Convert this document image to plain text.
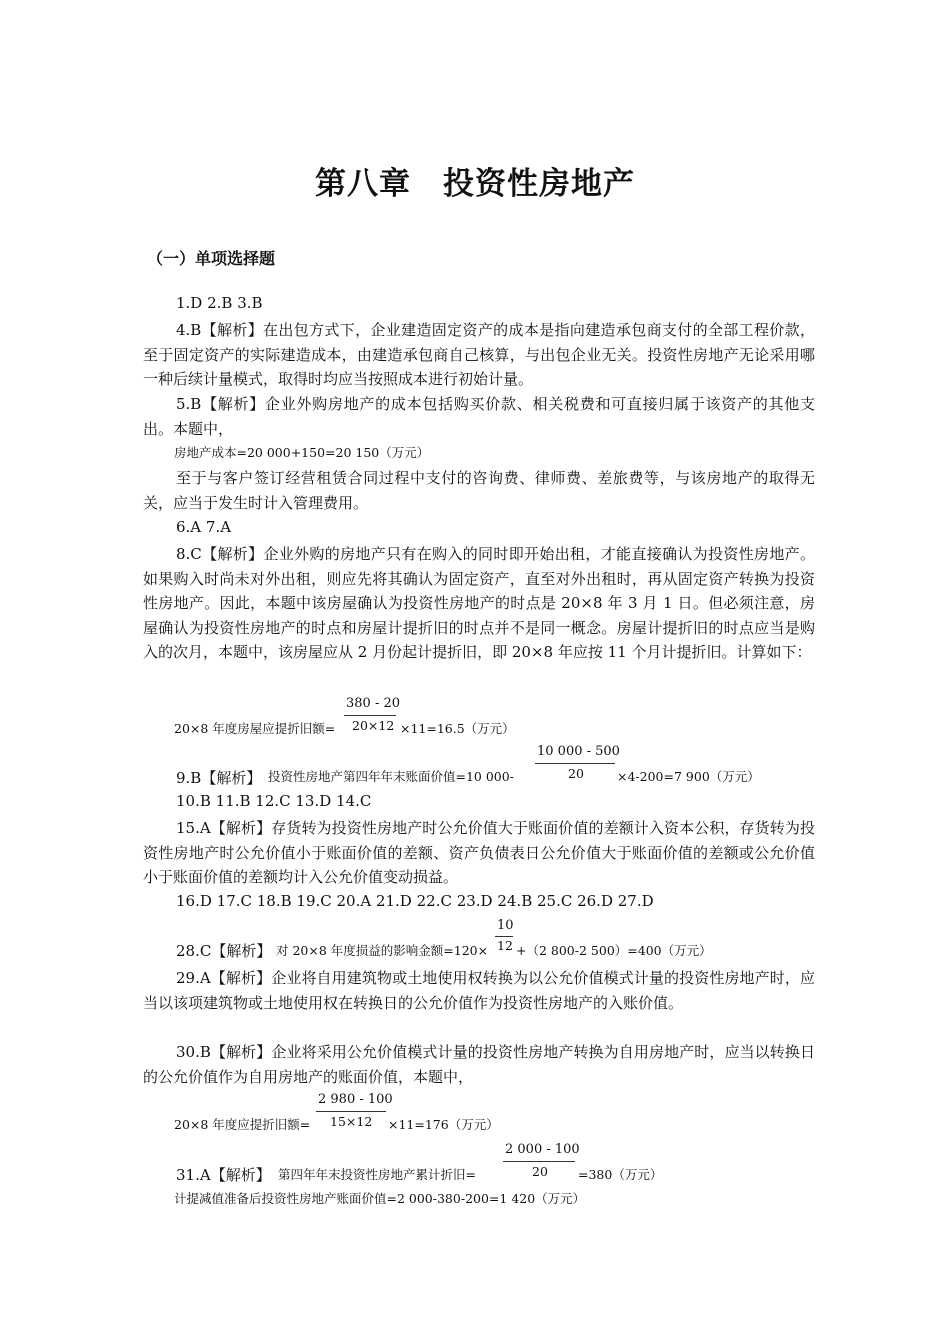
第八章　投资性房地产
（一）单项选择题
1.D 2.B 3.B

4.B【解析】在出包方式下，企业建造固定资产的成本是指向建造承包商支付的全部工程价款，至于固定资产的实际建造成本，由建造承包商自己核算，与出包企业无关。投资性房地产无论采用哪一种后续计量模式，取得时均应当按照成本进行初始计量。

5.B【解析】企业外购房地产的成本包括购买价款、相关税费和可直接归属于该资产的其他支出。本题中，

房地产成本=20 000+150=20 150（万元）

至于与客户签订经营租赁合同过程中支付的咨询费、律师费、差旅费等，与该房地产的取得无关，应当于发生时计入管理费用。

6.A 7.A

8.C【解析】企业外购的房地产只有在购入的同时即开始出租，才能直接确认为投资性房地产。如果购入时尚未对外出租，则应先将其确认为固定资产，直至对外出租时，再从固定资产转换为投资性房地产。因此，本题中该房屋确认为投资性房地产的时点是 20×8 年 3 月 1 日。但必须注意，房屋确认为投资性房地产的时点和房屋计提折旧的时点并不是同一概念。房屋计提折旧的时点应当是购入的次月，本题中，该房屋应从 2 月份起计提折旧，即 20×8 年应按 11 个月计提折旧。计算如下：

380 - 20
20×12
20×8 年度房屋应提折旧额=	×11=16.5（万元）
10 000 - 500
20
9.B【解析】 投资性房地产第四年年末账面价值=10 000-	×4-200=7 900（万元）
10.B 11.B 12.C 13.D 14.C

15.A【解析】存货转为投资性房地产时公允价值大于账面价值的差额计入资本公积，存货转为投资性房地产时公允价值小于账面价值的差额、资产负债表日公允价值大于账面价值的差额或公允价值小于账面价值的差额均计入公允价值变动损益。

16.D 17.C 18.B 19.C 20.A 21.D 22.C 23.D 24.B 25.C 26.D 27.D
10
12
28.C【解析】 对 20×8 年度损益的影响金额=120× +（2 800-2 500）=400（万元）

29.A【解析】企业将自用建筑物或土地使用权转换为以公允价值模式计量的投资性房地产时，应当以该项建筑物或土地使用权在转换日的公允价值作为投资性房地产的入账价值。

30.B【解析】企业将采用公允价值模式计量的投资性房地产转换为自用房地产时，应当以转换日的公允价值作为自用房地产的账面价值，本题中，

2 980 - 100
15×12
20×8 年度应提折旧额=	×11=176（万元）
2 000 - 100
20
31.A【解析】 第四年年末投资性房地产累计折旧=	=380（万元）
计提减值准备后投资性房地产账面价值=2 000-380-200=1 420（万元）
